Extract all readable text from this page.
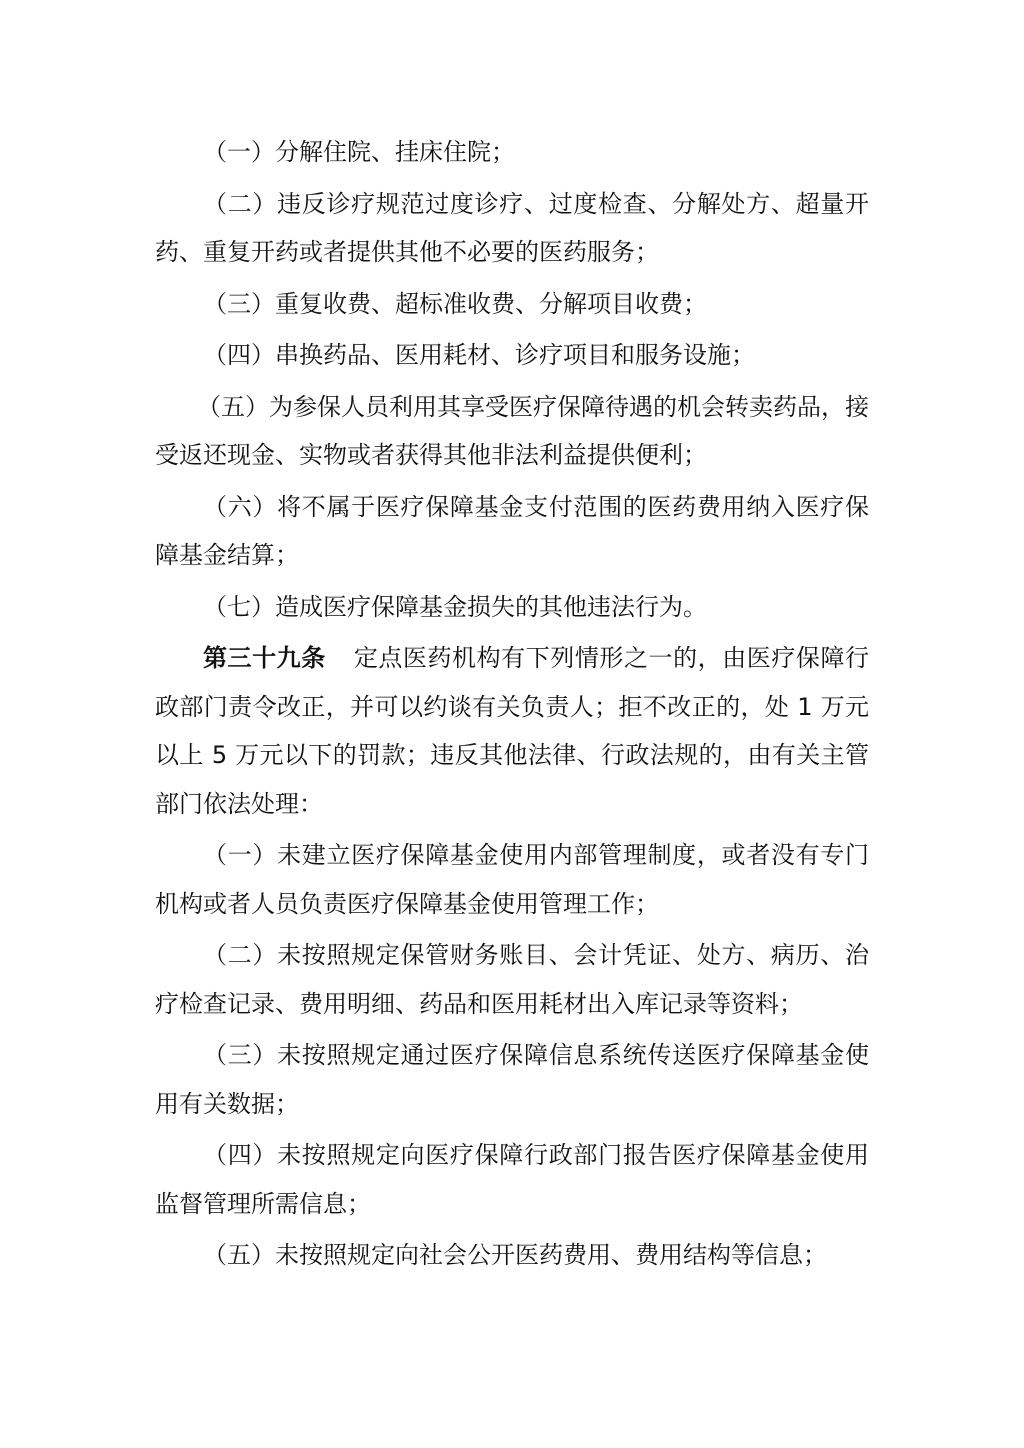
（一）分解住院、挂床住院；

（二）违反诊疗规范过度诊疗、过度检查、分解处方、超量开药、重复开药或者提供其他不必要的医药服务；

（三）重复收费、超标准收费、分解项目收费；

（四）串换药品、医用耗材、诊疗项目和服务设施；

（五）为参保人员利用其享受医疗保障待遇的机会转卖药品，接受返还现金、实物或者获得其他非法利益提供便利；

（六）将不属于医疗保障基金支付范围的医药费用纳入医疗保障基金结算；

（七）造成医疗保障基金损失的其他违法行为。

第三十九条 定点医药机构有下列情形之一的，由医疗保障行政部门责令改正，并可以约谈有关负责人；拒不改正的，处 1 万元以上 5 万元以下的罚款；违反其他法律、行政法规的，由有关主管部门依法处理：

（一）未建立医疗保障基金使用内部管理制度，或者没有专门机构或者人员负责医疗保障基金使用管理工作；

（二）未按照规定保管财务账目、会计凭证、处方、病历、治疗检查记录、费用明细、药品和医用耗材出入库记录等资料；

（三）未按照规定通过医疗保障信息系统传送医疗保障基金使用有关数据；

（四）未按照规定向医疗保障行政部门报告医疗保障基金使用监督管理所需信息；

（五）未按照规定向社会公开医药费用、费用结构等信息；
